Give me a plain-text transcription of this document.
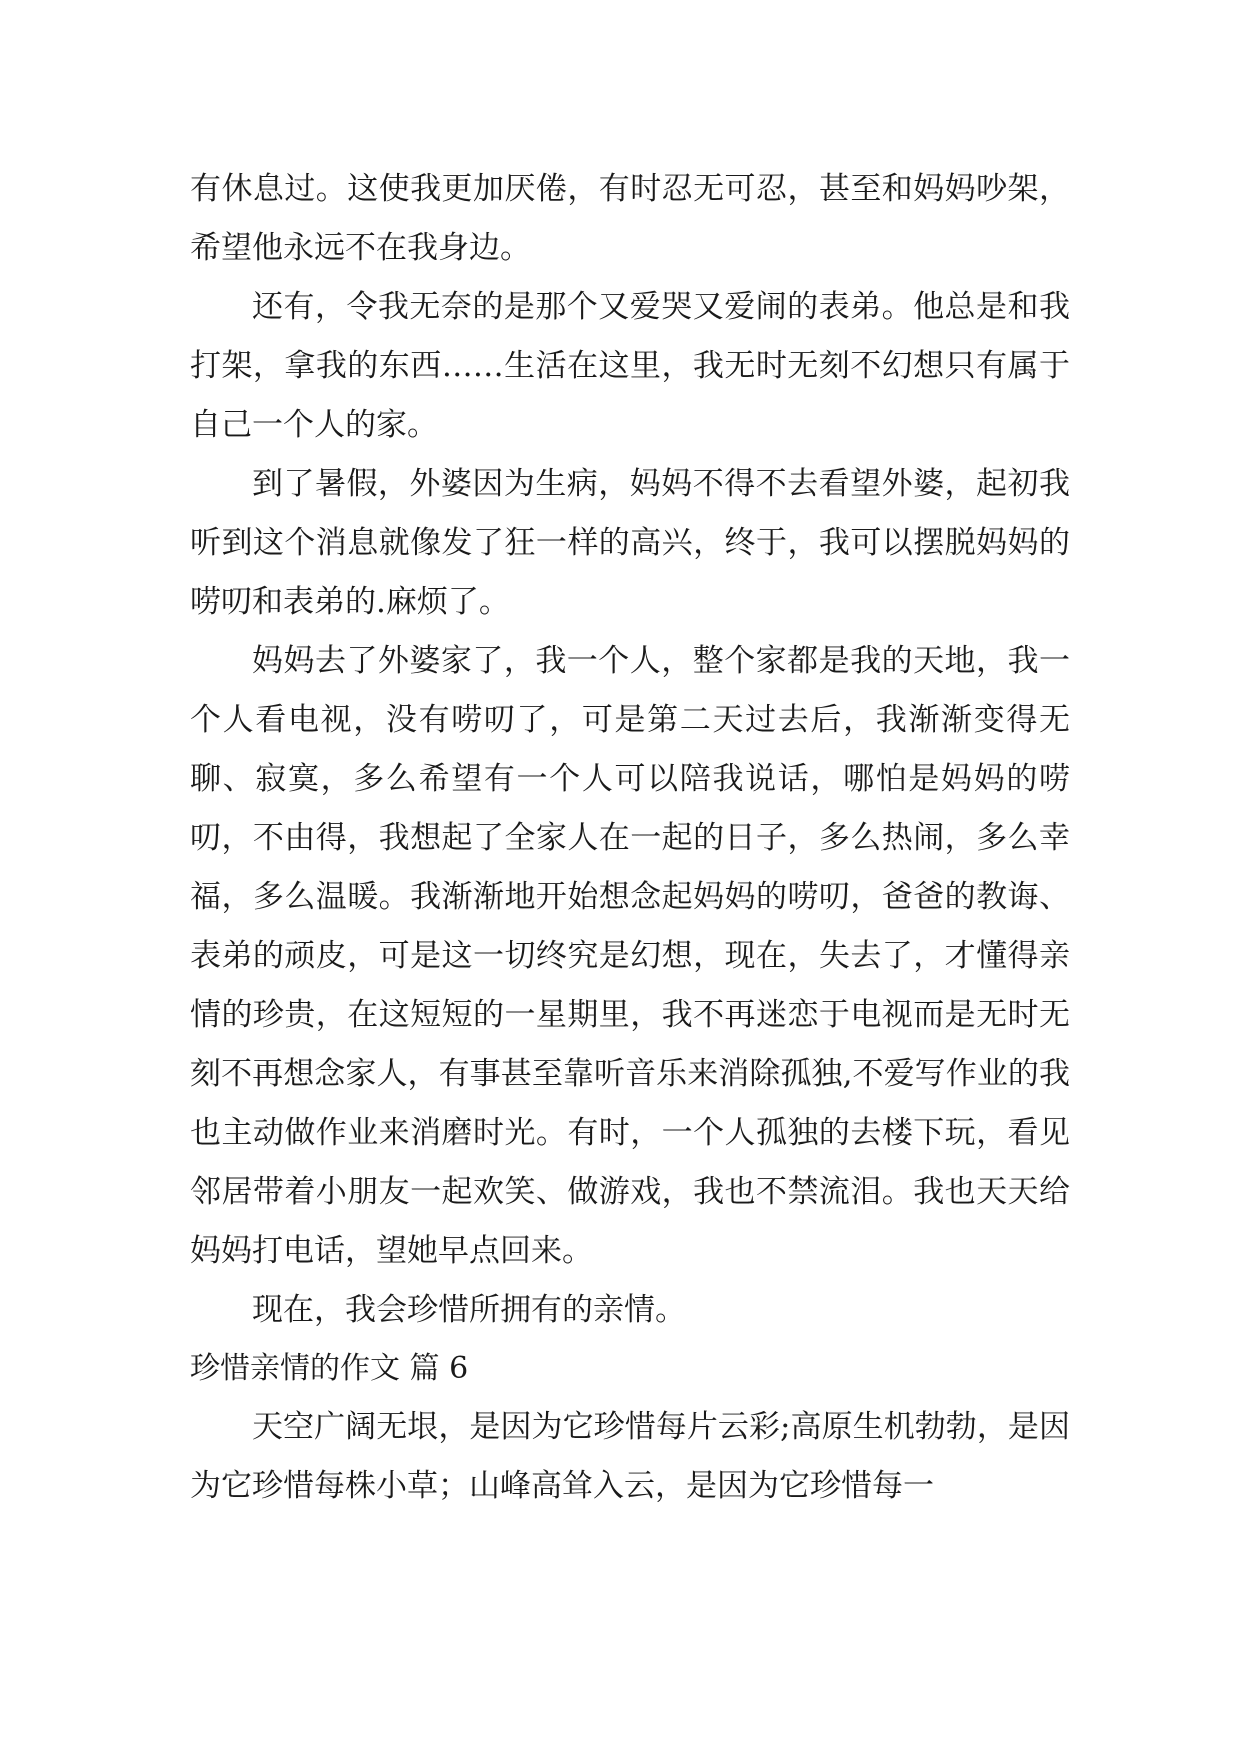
有休息过。这使我更加厌倦，有时忍无可忍，甚至和妈妈吵架，希望他永远不在我身边。

还有，令我无奈的是那个又爱哭又爱闹的表弟。他总是和我打架，拿我的东西……生活在这里，我无时无刻不幻想只有属于自己一个人的家。

到了暑假，外婆因为生病，妈妈不得不去看望外婆，起初我听到这个消息就像发了狂一样的高兴，终于，我可以摆脱妈妈的唠叨和表弟的.麻烦了。

妈妈去了外婆家了，我一个人，整个家都是我的天地，我一个人看电视，没有唠叨了，可是第二天过去后，我渐渐变得无聊、寂寞，多么希望有一个人可以陪我说话，哪怕是妈妈的唠叨，不由得，我想起了全家人在一起的日子，多么热闹，多么幸福，多么温暖。我渐渐地开始想念起妈妈的唠叨，爸爸的教诲、表弟的顽皮，可是这一切终究是幻想，现在，失去了，才懂得亲情的珍贵，在这短短的一星期里，我不再迷恋于电视而是无时无刻不再想念家人，有事甚至靠听音乐来消除孤独,不爱写作业的我也主动做作业来消磨时光。有时，一个人孤独的去楼下玩，看见邻居带着小朋友一起欢笑、做游戏，我也不禁流泪。我也天天给妈妈打电话，望她早点回来。

现在，我会珍惜所拥有的亲情。

珍惜亲情的作文 篇 6

天空广阔无垠，是因为它珍惜每片云彩;高原生机勃勃，是因为它珍惜每株小草；山峰高耸入云，是因为它珍惜每一
